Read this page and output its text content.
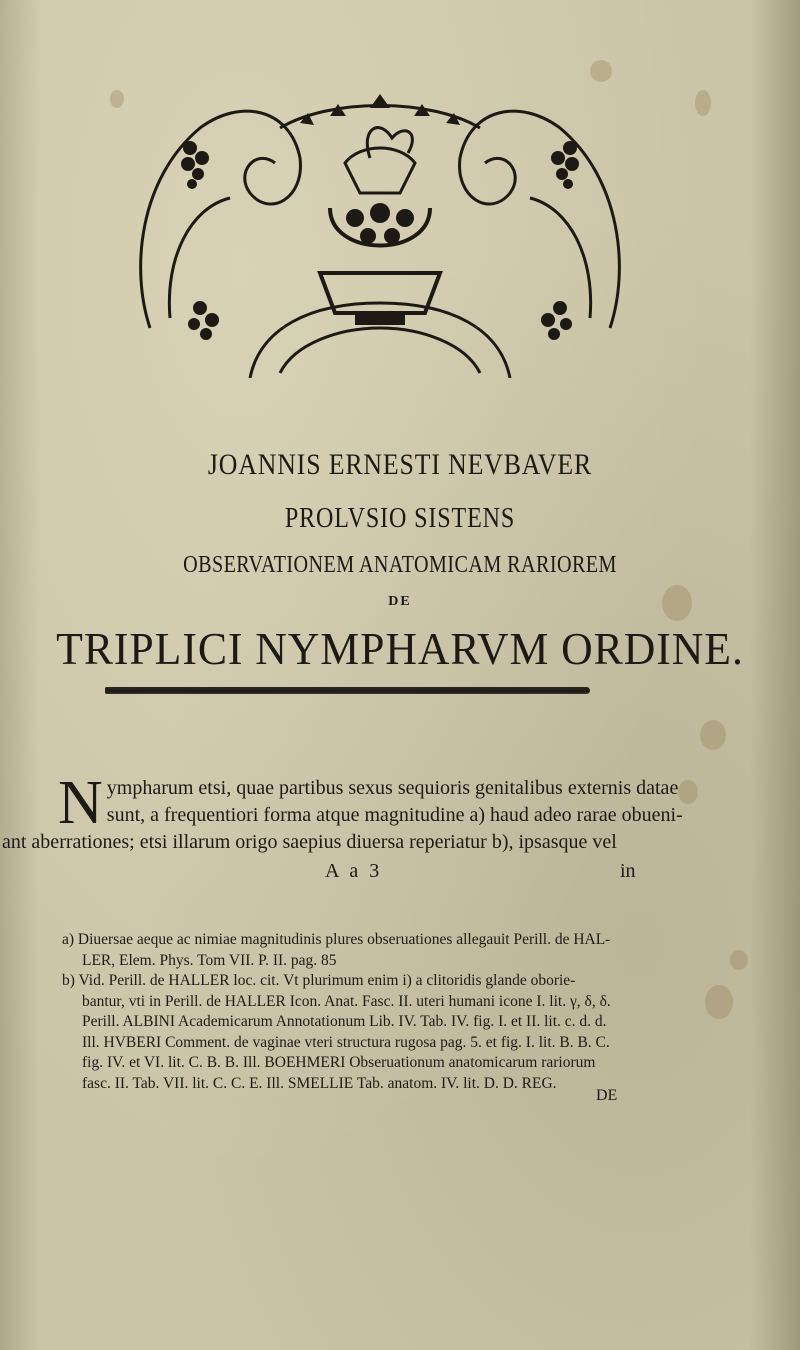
JOANNIS ERNESTI NEVBAVER
PROLVSIO SISTENS
OBSERVATIONEM ANATOMICAM RARIOREM
DE
TRIPLICI NYMPHARVM ORDINE.
N ympharum etsi, quae partibus sexus sequioris genitalibus externis datae
sunt, a frequentiori forma atque magnitudine a) haud adeo rarae obueni-
ant aberrationes; etsi illarum origo saepius diuersa reperiatur b), ipsasque vel
A a 3	in
a) Diuersae aeque ac nimiae magnitudinis plures obseruationes allegauit Perill. de HAL-
LER, Elem. Phys. Tom VII. P. II. pag. 85
b) Vid. Perill. de HALLER loc. cit. Vt plurimum enim i) a clitoridis glande oborie-
bantur, vti in Perill. de HALLER Icon. Anat. Fasc. II. uteri humani icone I. lit. γ, δ, δ.
Perill. ALBINI Academicarum Annotationum Lib. IV. Tab. IV. fig. I. et II. lit. c. d. d.
Ill. HVBERI Comment. de vaginae vteri structura rugosa pag. 5. et fig. I. lit. B. B. C.
fig. IV. et VI. lit. C. B. B. Ill. BOEHMERI Obseruationum anatomicarum rariorum
fasc. II. Tab. VII. lit. C. C. E. Ill. SMELLIE Tab. anatom. IV. lit. D. D. REG.
DE
